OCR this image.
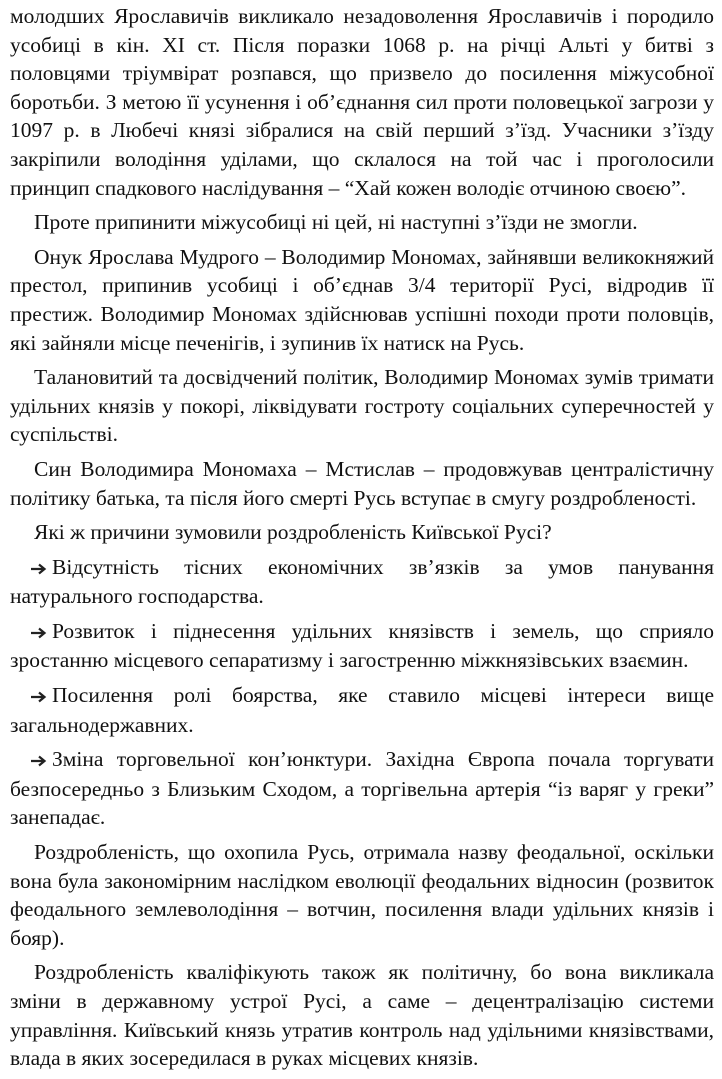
молодших Ярославичів викликало незадоволення Ярославичів і породило усобиці в кін. XI ст. Після поразки 1068 р. на річці Альті у битві з половцями тріумвірат розпався, що призвело до посилення міжусобної боротьби. З метою її усунення і об’єднання сил проти половецької загрози у 1097 р. в Любечі князі зібралися на свій перший з’їзд. Учасники з’їзду закріпили володіння уділами, що склалося на той час і проголосили принцип спадкового наслідування – “Хай кожен володіє отчиною своєю”.

Проте припинити міжусобиці ні цей, ні наступні з’їзди не змогли.

Онук Ярослава Мудрого – Володимир Мономах, зайнявши великокняжий престол, припинив усобиці і об’єднав 3/4 території Русі, відродив її престиж. Володимир Мономах здійснював успішні походи проти половців, які зайняли місце печенігів, і зупинив їх натиск на Русь.

Талановитий та досвідчений політик, Володимир Мономах зумів тримати удільних князів у покорі, ліквідувати гостроту соціальних суперечностей у суспільстві.

Син Володимира Мономаха – Мстислав – продовжував централістичну політику батька, та після його смерті Русь вступає в смугу роздробленості.

Які ж причини зумовили роздробленість Київської Русі?

Відсутність тісних економічних зв’язків за умов панування натурального господарства.

Розвиток і піднесення удільних князівств і земель, що сприяло зростанню місцевого сепаратизму і загостренню міжкнязівських взаємин.

Посилення ролі боярства, яке ставило місцеві інтереси вище загальнодержавних.

Зміна торговельної кон’юнктури. Західна Європа почала торгувати безпосередньо з Близьким Сходом, а торгівельна артерія “із варяг у греки” занепадає.

Роздробленість, що охопила Русь, отримала назву феодальної, оскільки вона була закономірним наслідком еволюції феодальних відносин (розвиток феодального землеволодіння – вотчин, посилення влади удільних князів і бояр).

Роздробленість кваліфікують також як політичну, бо вона викликала зміни в державному устрої Русі, а саме – децентралізацію системи управління. Київський князь утратив контроль над удільними князівствами, влада в яких зосередилася в руках місцевих князів.
